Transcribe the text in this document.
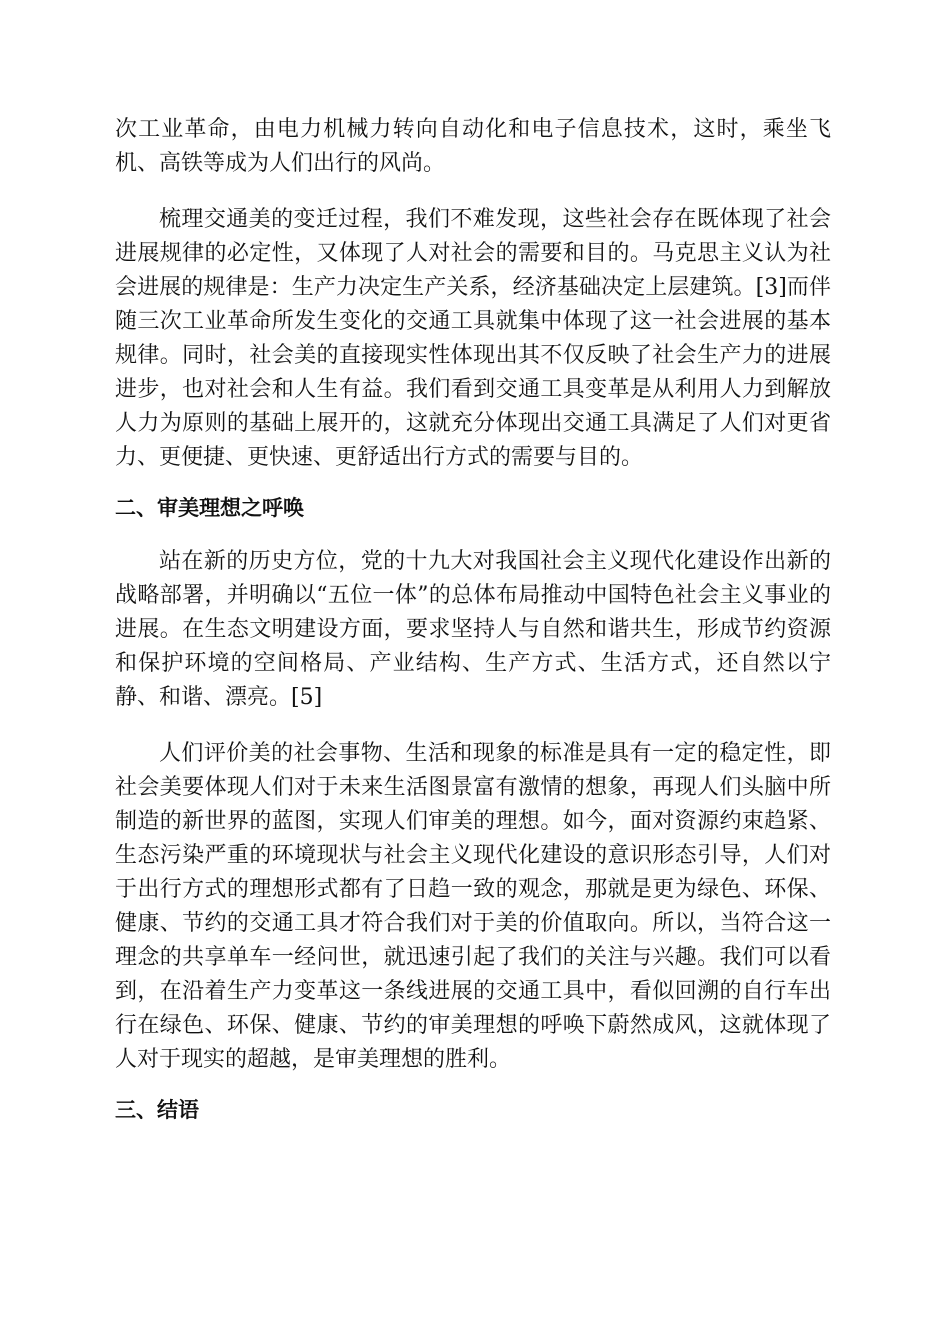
次工业革命，由电力机械力转向自动化和电子信息技术，这时，乘坐飞机、高铁等成为人们出行的风尚。

梳理交通美的变迁过程，我们不难发现，这些社会存在既体现了社会进展规律的必定性，又体现了人对社会的需要和目的。马克思主义认为社会进展的规律是：生产力决定生产关系，经济基础决定上层建筑。[3]而伴随三次工业革命所发生变化的交通工具就集中体现了这一社会进展的基本规律。同时，社会美的直接现实性体现出其不仅反映了社会生产力的进展进步，也对社会和人生有益。我们看到交通工具变革是从利用人力到解放人力为原则的基础上展开的，这就充分体现出交通工具满足了人们对更省力、更便捷、更快速、更舒适出行方式的需要与目的。

二、审美理想之呼唤

站在新的历史方位，党的十九大对我国社会主义现代化建设作出新的战略部署，并明确以“五位一体”的总体布局推动中国特色社会主义事业的进展。在生态文明建设方面，要求坚持人与自然和谐共生，形成节约资源和保护环境的空间格局、产业结构、生产方式、生活方式，还自然以宁静、和谐、漂亮。[5]

人们评价美的社会事物、生活和现象的标准是具有一定的稳定性，即社会美要体现人们对于未来生活图景富有激情的想象，再现人们头脑中所制造的新世界的蓝图，实现人们审美的理想。如今，面对资源约束趋紧、生态污染严重的环境现状与社会主义现代化建设的意识形态引导，人们对于出行方式的理想形式都有了日趋一致的观念，那就是更为绿色、环保、健康、节约的交通工具才符合我们对于美的价值取向。所以，当符合这一理念的共享单车一经问世，就迅速引起了我们的关注与兴趣。我们可以看到，在沿着生产力变革这一条线进展的交通工具中，看似回溯的自行车出行在绿色、环保、健康、节约的审美理想的呼唤下蔚然成风，这就体现了人对于现实的超越，是审美理想的胜利。

三、结语
